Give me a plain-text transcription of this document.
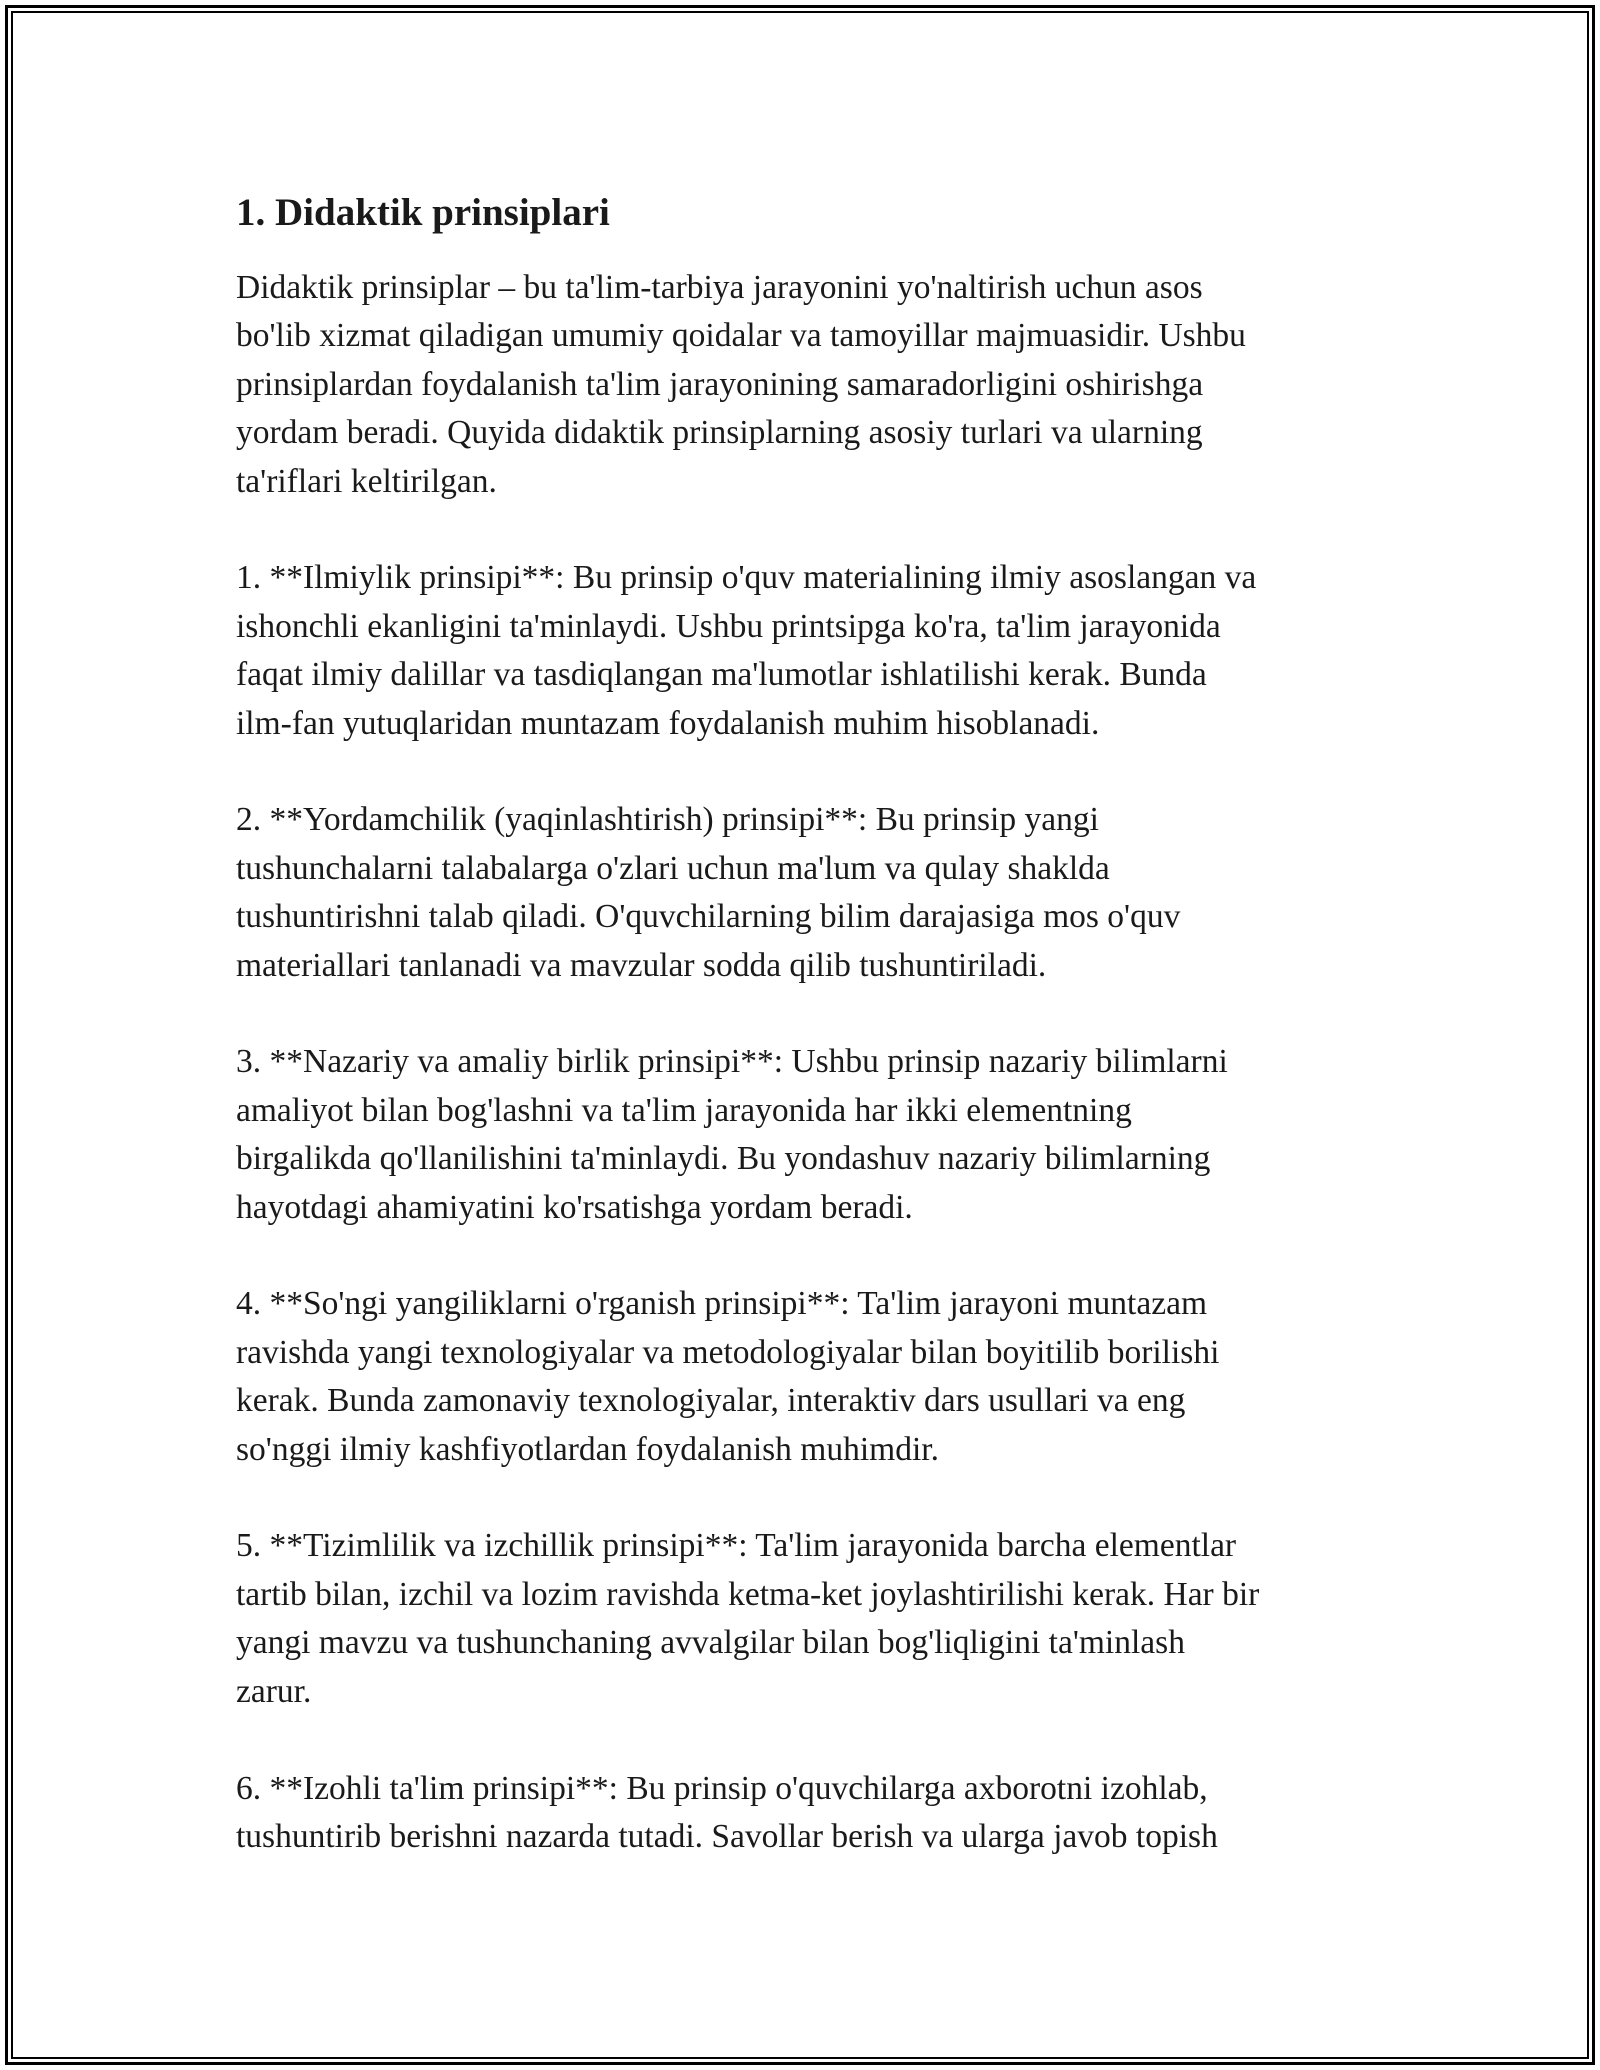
1. Didaktik prinsiplari

Didaktik prinsiplar – bu ta'lim-tarbiya jarayonini yo'naltirish uchun asos
bo'lib xizmat qiladigan umumiy qoidalar va tamoyillar majmuasidir. Ushbu
prinsiplardan foydalanish ta'lim jarayonining samaradorligini oshirishga
yordam beradi. Quyida didaktik prinsiplarning asosiy turlari va ularning
ta'riflari keltirilgan.

1. **Ilmiylik prinsipi**: Bu prinsip o'quv materialining ilmiy asoslangan va
ishonchli ekanligini ta'minlaydi. Ushbu printsipga ko'ra, ta'lim jarayonida
faqat ilmiy dalillar va tasdiqlangan ma'lumotlar ishlatilishi kerak. Bunda
ilm-fan yutuqlaridan muntazam foydalanish muhim hisoblanadi.

2. **Yordamchilik (yaqinlashtirish) prinsipi**: Bu prinsip yangi
tushunchalarni talabalarga o'zlari uchun ma'lum va qulay shaklda
tushuntirishni talab qiladi. O'quvchilarning bilim darajasiga mos o'quv
materiallari tanlanadi va mavzular sodda qilib tushuntiriladi.

3. **Nazariy va amaliy birlik prinsipi**: Ushbu prinsip nazariy bilimlarni
amaliyot bilan bog'lashni va ta'lim jarayonida har ikki elementning
birgalikda qo'llanilishini ta'minlaydi. Bu yondashuv nazariy bilimlarning
hayotdagi ahamiyatini ko'rsatishga yordam beradi.

4. **So'ngi yangiliklarni o'rganish prinsipi**: Ta'lim jarayoni muntazam
ravishda yangi texnologiyalar va metodologiyalar bilan boyitilib borilishi
kerak. Bunda zamonaviy texnologiyalar, interaktiv dars usullari va eng
so'nggi ilmiy kashfiyotlardan foydalanish muhimdir.

5. **Tizimlilik va izchillik prinsipi**: Ta'lim jarayonida barcha elementlar
tartib bilan, izchil va lozim ravishda ketma-ket joylashtirilishi kerak. Har bir
yangi mavzu va tushunchaning avvalgilar bilan bog'liqligini ta'minlash
zarur.

6. **Izohli ta'lim prinsipi**: Bu prinsip o'quvchilarga axborotni izohlab,
tushuntirib berishni nazarda tutadi. Savollar berish va ularga javob topish
